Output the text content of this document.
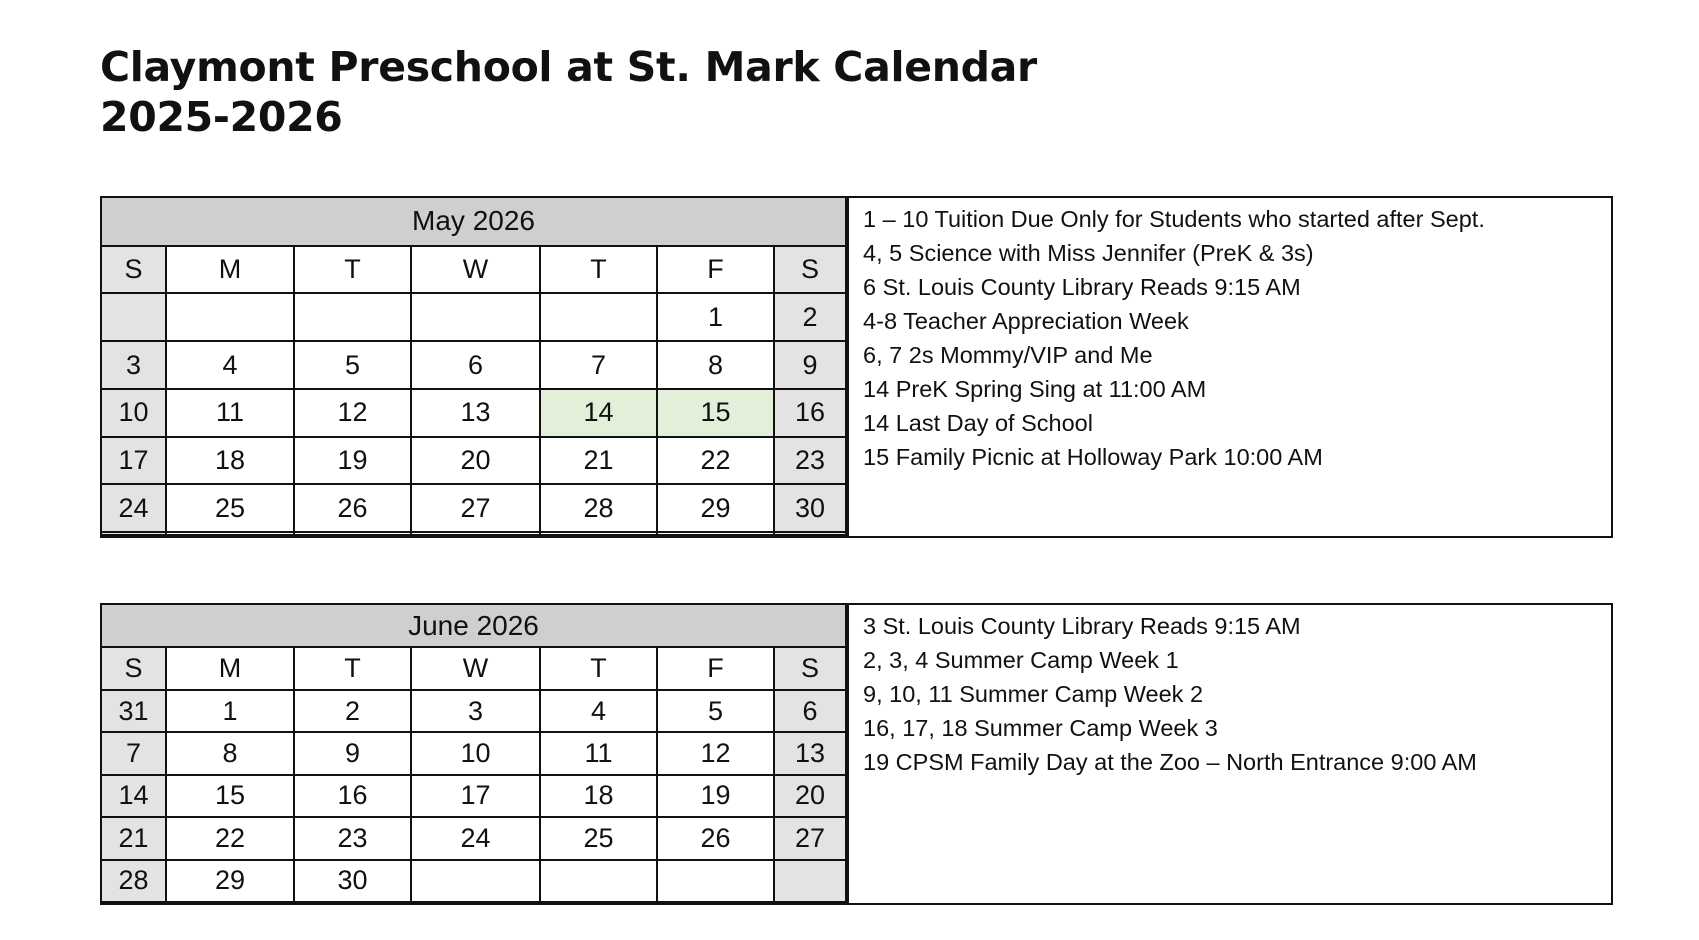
Claymont Preschool at St. Mark Calendar
2025-2026
May 2026						
S	M	T	W	T	F	S
					1	2
3	4	5	6	7	8	9
10	11	12	13	14	15	16
17	18	19	20	21	22	23
24	25	26	27	28	29	30

1 – 10 Tuition Due Only for Students who started after Sept.
4, 5 Science with Miss Jennifer (PreK & 3s)
6 St. Louis County Library Reads 9:15 AM
4-8 Teacher Appreciation Week
6, 7 2s Mommy/VIP and Me
14 PreK Spring Sing at 11:00 AM
14 Last Day of School
15 Family Picnic at Holloway Park 10:00 AM
June 2026						
S	M	T	W	T	F	S
31	1	2	3	4	5	6
7	8	9	10	11	12	13
14	15	16	17	18	19	20
21	22	23	24	25	26	27
28	29	30				
3 St. Louis County Library Reads 9:15 AM
2, 3, 4 Summer Camp Week 1
9, 10, 11 Summer Camp Week 2
16, 17, 18 Summer Camp Week 3
19 CPSM Family Day at the Zoo – North Entrance 9:00 AM
